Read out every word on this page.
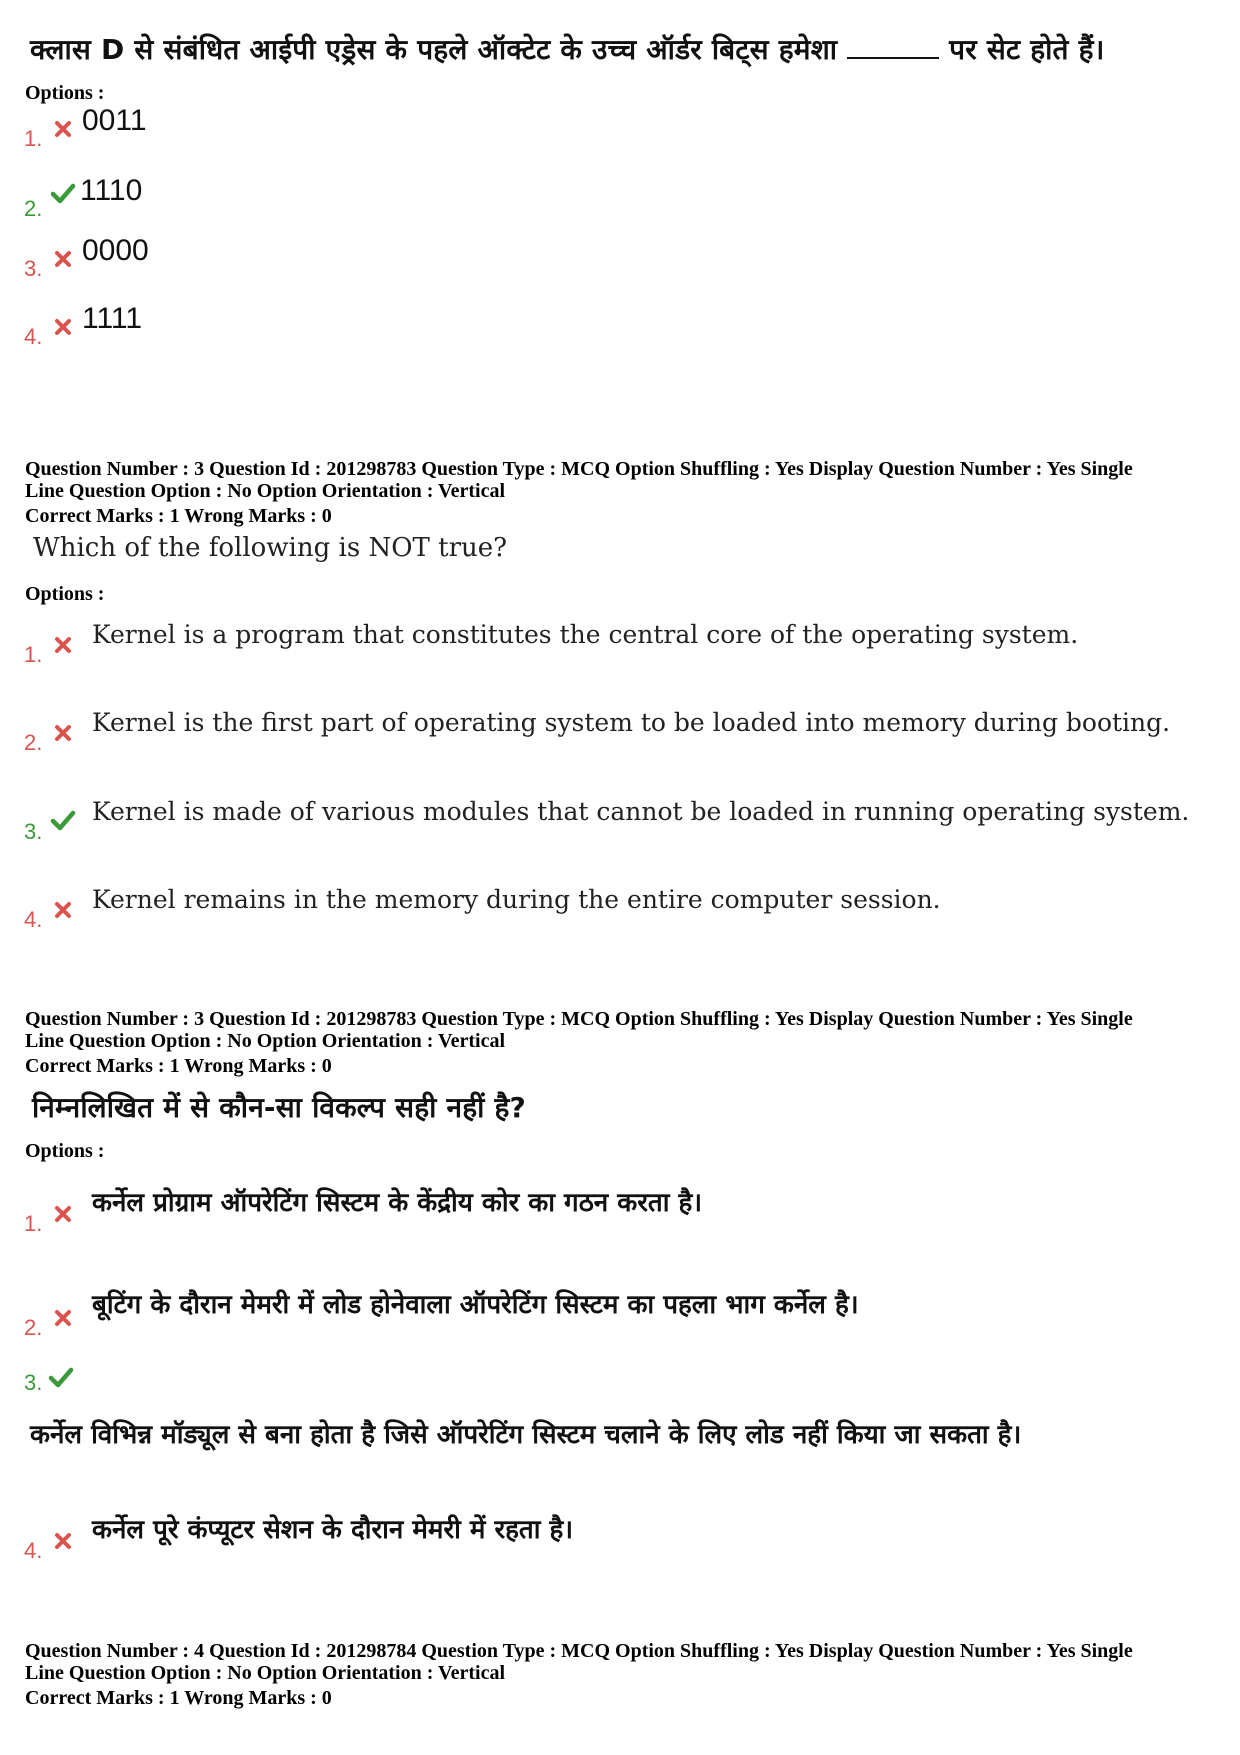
क्लास D से संबंधित आईपी एड्रेस के पहले ऑक्टेट के उच्च ऑर्डर बिट्स हमेशा	पर सेट होते हैं।
Options :
1.
0011
2.
1110
3.
0000
4.
1111
Question Number : 3 Question Id : 201298783 Question Type : MCQ Option Shuffling : Yes Display Question Number : Yes Single
Line Question Option : No Option Orientation : Vertical
Correct Marks : 1 Wrong Marks : 0
Which of the following is NOT true?
Options :
1.
Kernel is a program that constitutes the central core of the operating system.
2.
Kernel is the first part of operating system to be loaded into memory during booting.
3.
Kernel is made of various modules that cannot be loaded in running operating system.
4.
Kernel remains in the memory during the entire computer session.
Question Number : 3 Question Id : 201298783 Question Type : MCQ Option Shuffling : Yes Display Question Number : Yes Single
Line Question Option : No Option Orientation : Vertical
Correct Marks : 1 Wrong Marks : 0
निम्नलिखित में से कौन-सा विकल्प सही नहीं है?
Options :
1.
कर्नेल प्रोग्राम ऑपरेटिंग सिस्टम के केंद्रीय कोर का गठन करता है।
2.
बूटिंग के दौरान मेमरी में लोड होनेवाला ऑपरेटिंग सिस्टम का पहला भाग कर्नेल है।
3.
कर्नेल विभिन्न मॉड्यूल से बना होता है जिसे ऑपरेटिंग सिस्टम चलाने के लिए लोड नहीं किया जा सकता है।
4.
कर्नेल पूरे कंप्यूटर सेशन के दौरान मेमरी में रहता है।
Question Number : 4 Question Id : 201298784 Question Type : MCQ Option Shuffling : Yes Display Question Number : Yes Single
Line Question Option : No Option Orientation : Vertical
Correct Marks : 1 Wrong Marks : 0
